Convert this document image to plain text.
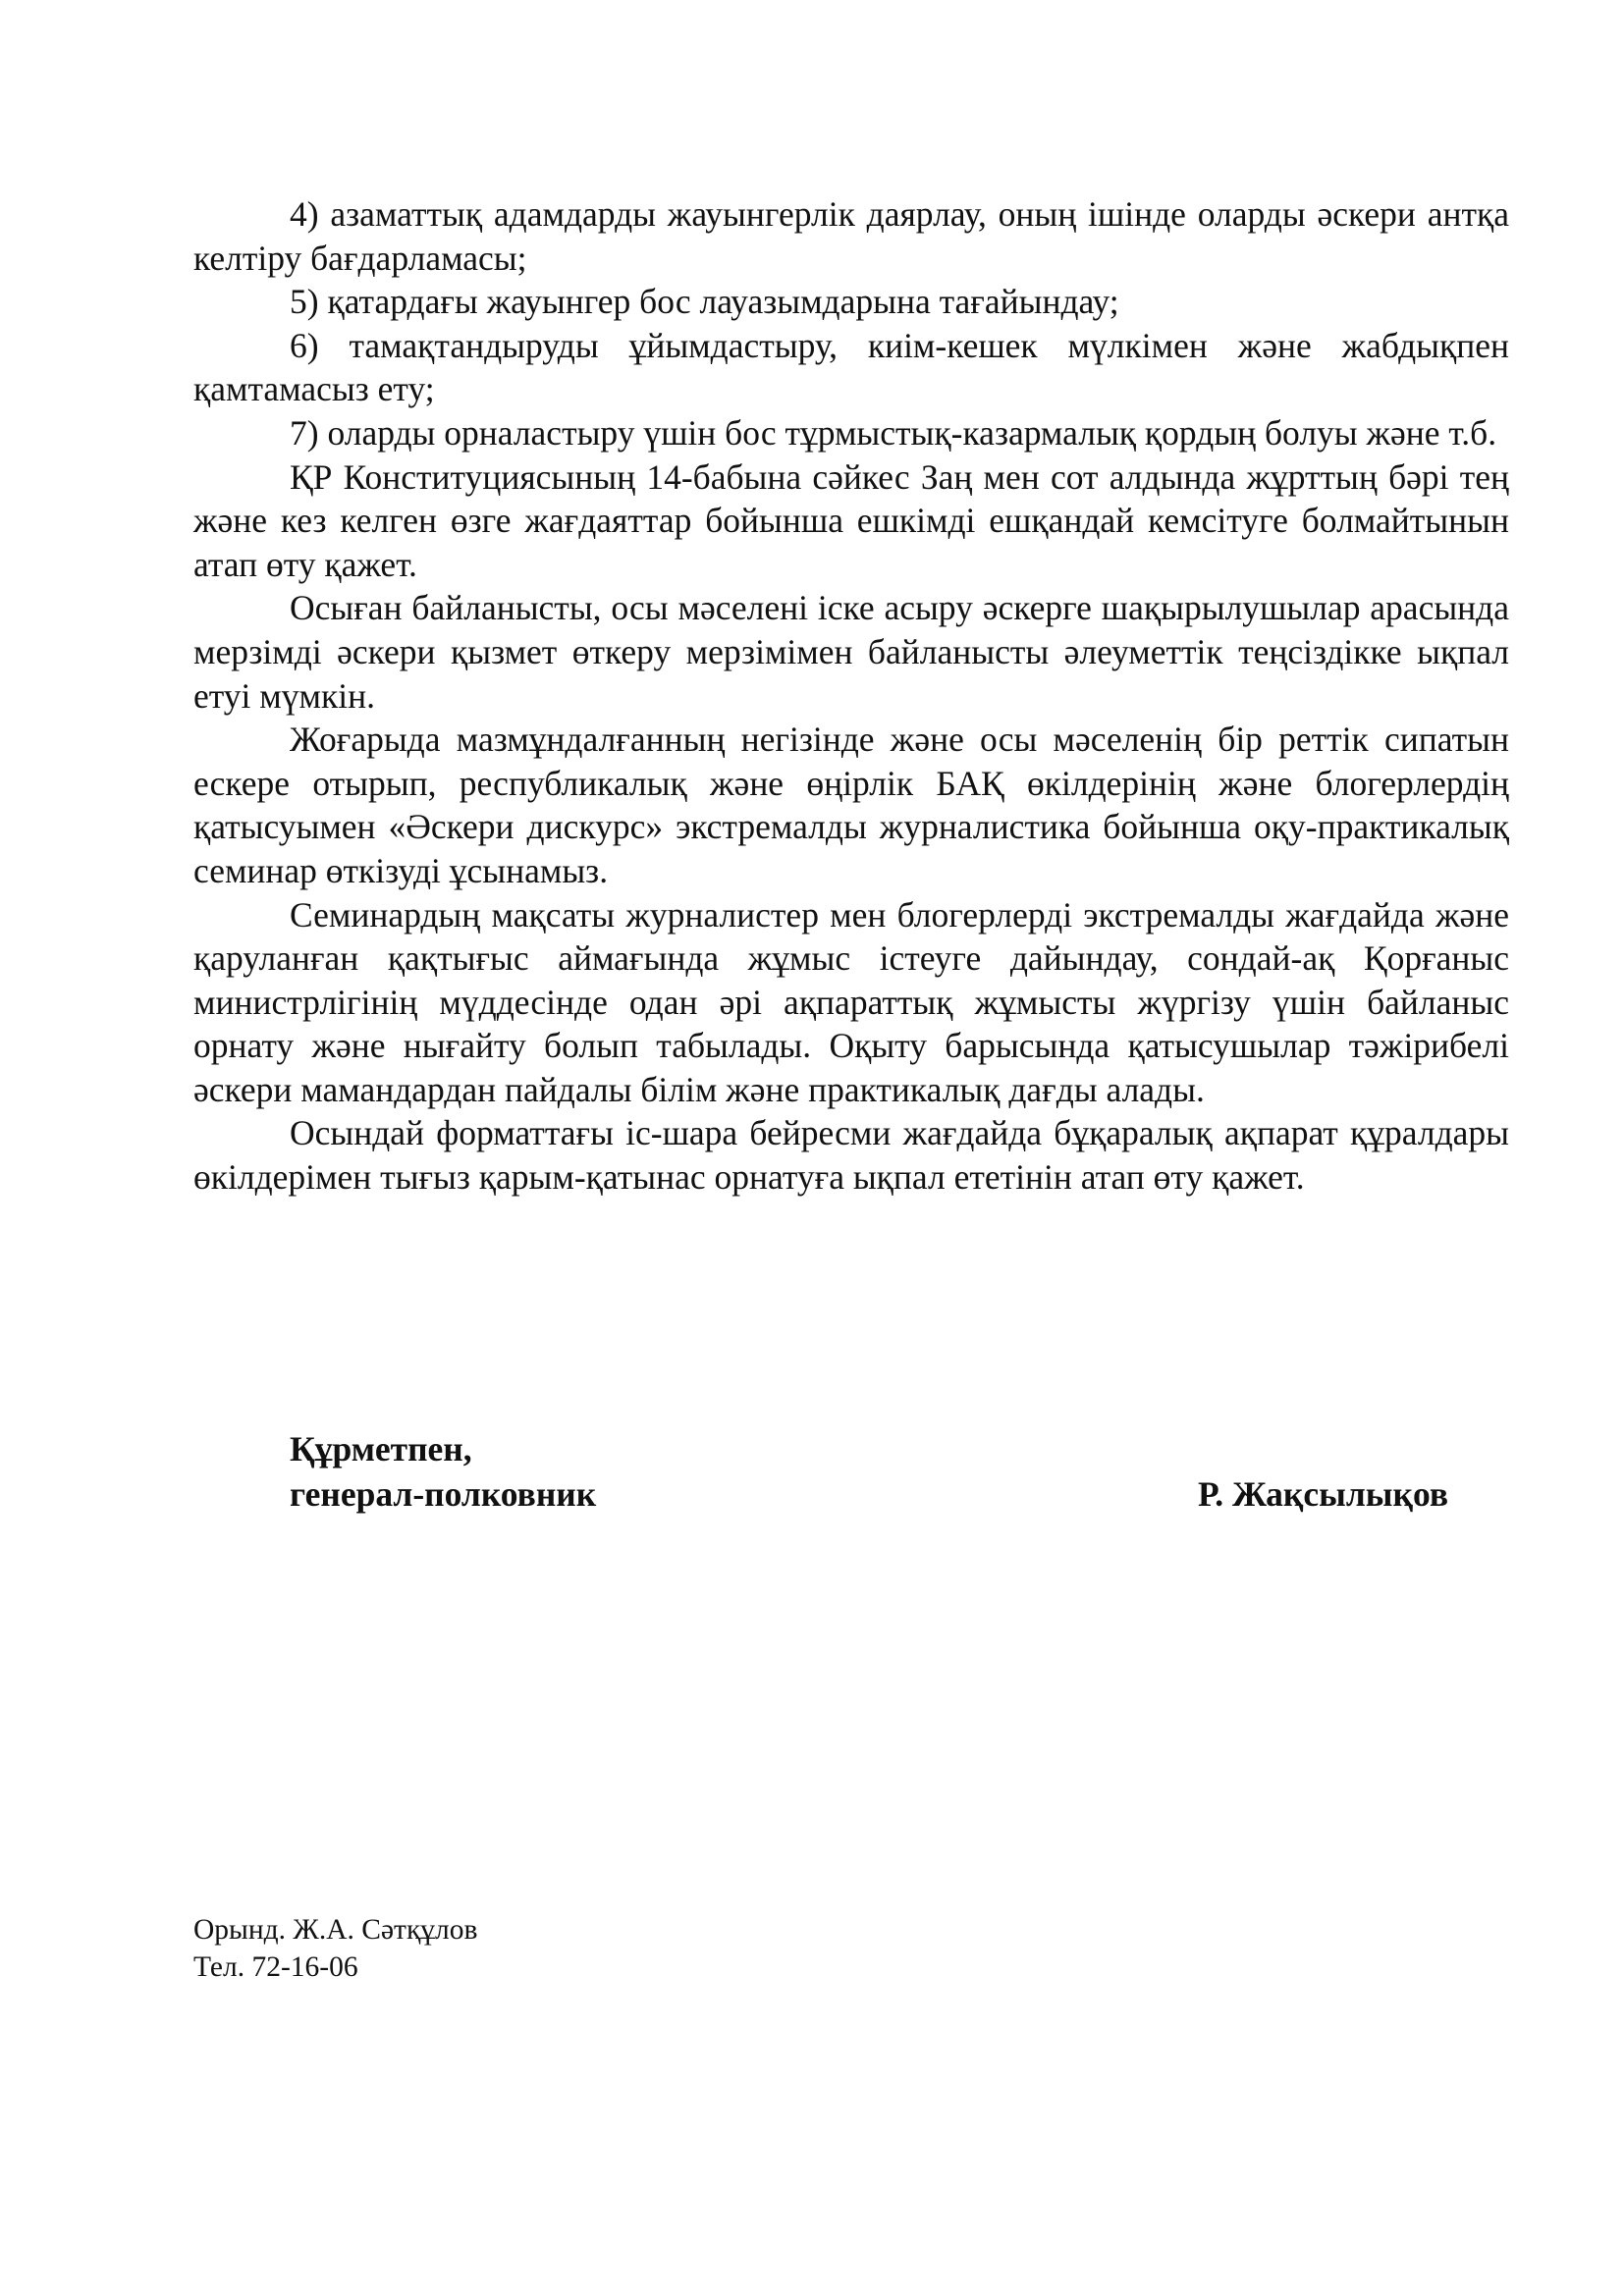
4) азаматтық адамдарды жауынгерлік даярлау, оның ішінде оларды әскери антқа келтіру бағдарламасы;

5) қатардағы жауынгер бос лауазымдарына тағайындау;

6) тамақтандыруды ұйымдастыру, киім-кешек мүлкімен және жабдықпен қамтамасыз ету;

7) оларды орналастыру үшін бос тұрмыстық-казармалық қордың болуы және т.б.

ҚР Конституциясының 14-бабына сәйкес Заң мен сот алдында жұрттың бәрі тең және кез келген өзге жағдаяттар бойынша ешкімді ешқандай кемсітуге болмайтынын атап өту қажет.

Осыған байланысты, осы мәселені іске асыру әскерге шақырылушылар арасында мерзімді әскери қызмет өткеру мерзімімен байланысты әлеуметтік теңсіздікке ықпал етуі мүмкін.

Жоғарыда мазмұндалғанның негізінде және осы мәселенің бір реттік сипатын ескере отырып, республикалық және өңірлік БАҚ өкілдерінің және блогерлердің қатысуымен «Әскери дискурс» экстремалды журналистика бойынша оқу-практикалық семинар өткізуді ұсынамыз.

Семинардың мақсаты журналистер мен блогерлерді экстремалды жағдайда және қаруланған қақтығыс аймағында жұмыс істеуге дайындау, сондай-ақ Қорғаныс министрлігінің мүддесінде одан әрі ақпараттық жұмысты жүргізу үшін байланыс орнату және нығайту болып табылады. Оқыту барысында қатысушылар тәжірибелі әскери мамандардан пайдалы білім және практикалық дағды алады.

Осындай форматтағы іс-шара бейресми жағдайда бұқаралық ақпарат құралдары өкілдерімен тығыз қарым-қатынас орнатуға ықпал ететінін атап өту қажет.

Құрметпен,
генерал-полковник	Р. Жақсылықов
Орынд. Ж.А. Сәтқұлов
Тел. 72-16-06
